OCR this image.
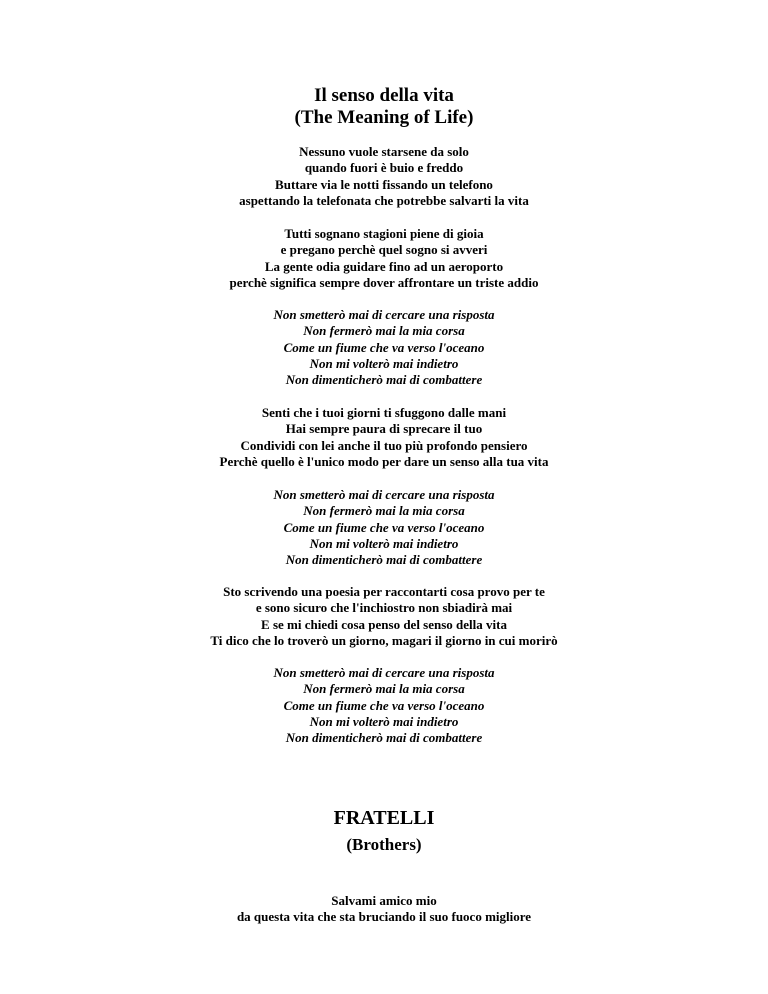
Il senso della vita
(The Meaning of Life)
Nessuno vuole starsene da solo
quando fuori è buio e freddo
Buttare via le notti fissando un telefono
aspettando la telefonata che potrebbe salvarti la vita
Tutti sognano stagioni piene di gioia
e pregano perchè quel sogno si avveri
La gente odia guidare fino ad un aeroporto
perchè significa sempre dover affrontare un triste addio
Non smetterò mai di cercare una risposta
Non fermerò mai la mia corsa
Come un fiume che va verso l'oceano
Non mi volterò mai indietro
Non dimenticherò mai di combattere
Senti che i tuoi giorni ti sfuggono dalle mani
Hai sempre paura di sprecare il tuo
Condividi con lei anche il tuo più profondo pensiero
Perchè quello è l'unico modo per dare un senso alla tua vita
Non smetterò mai di cercare una risposta
Non fermerò mai la mia corsa
Come un fiume che va verso l'oceano
Non mi volterò mai indietro
Non dimenticherò mai di combattere
Sto scrivendo una poesia per raccontarti cosa provo per te
e sono sicuro che l'inchiostro non sbiadirà mai
E se mi chiedi cosa penso del senso della vita
Ti dico che lo troverò un giorno, magari il giorno in cui morirò
Non smetterò mai di cercare una risposta
Non fermerò mai la mia corsa
Come un fiume che va verso l'oceano
Non mi volterò mai indietro
Non dimenticherò mai di combattere
FRATELLI
(Brothers)
Salvami amico mio
da questa vita che sta bruciando il suo fuoco migliore
